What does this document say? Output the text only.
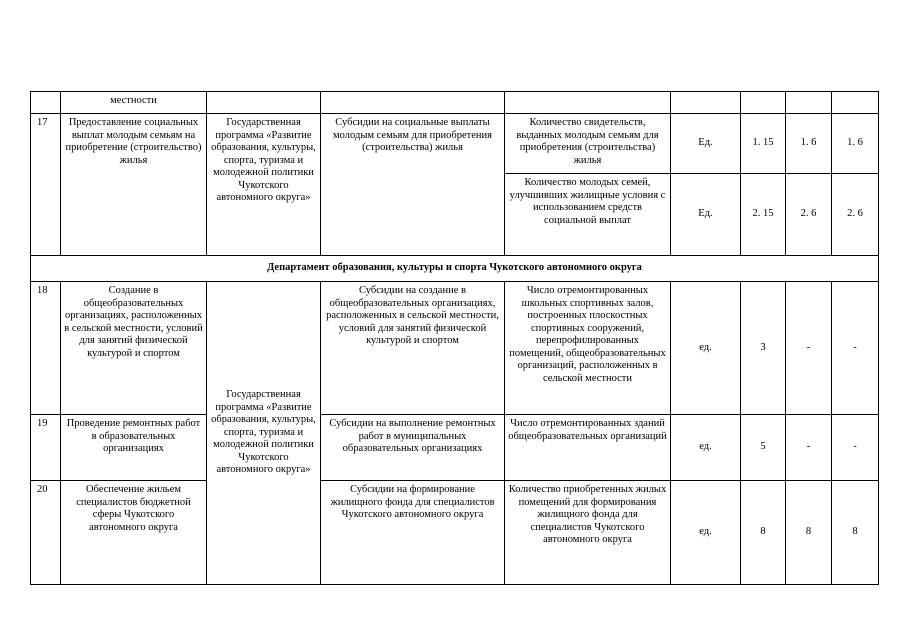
	местности							
17	Предоставление социальных выплат молодым семьям на приобретение (строительство) жилья	Государственная программа «Развитие образования, культуры, спорта, туризма и молодежной политики Чукотского автономного округа»	Субсидии на социальные выплаты молодым семьям для приобретения (строительства) жилья	Количество свидетельств, выданных молодым семьям для приобретения (строительства) жилья	Ед.	1. 15	1. 6	1. 6
				Количество молодых семей, улучшивших жилищные условия с использованием средств социальной выплат	Ед.	2. 15	2. 6	2. 6
Департамент образования, культуры и спорта Чукотского автономного округа								
18	Создание в общеобразовательных организациях, расположенных в сельской местности, условий для занятий физической культурой и спортом	Государственная программа «Развитие образования, культуры, спорта, туризма и молодежной политики Чукотского автономного округа»	Субсидии на создание в общеобразовательных организациях, расположенных в сельской местности, условий для занятий физической культурой и спортом	Число отремонтированных школьных спортивных залов, построенных плоскостных спортивных сооружений, перепрофилированных помещений, общеобразовательных организаций, расположенных в сельской местности	ед.	3	-	-
19	Проведение ремонтных работ в образовательных организациях		Субсидии на выполнение ремонтных работ в муниципальных образовательных организациях	Число отремонтированных зданий общеобразовательных организаций	ед.	5	-	-
20	Обеспечение жильем специалистов бюджетной сферы Чукотского автономного округа		Субсидии на формирование жилищного фонда для специалистов Чукотского автономного округа	Количество приобретенных жилых помещений для формирования жилищного фонда для специалистов Чукотского автономного округа	ед.	8	8	8
